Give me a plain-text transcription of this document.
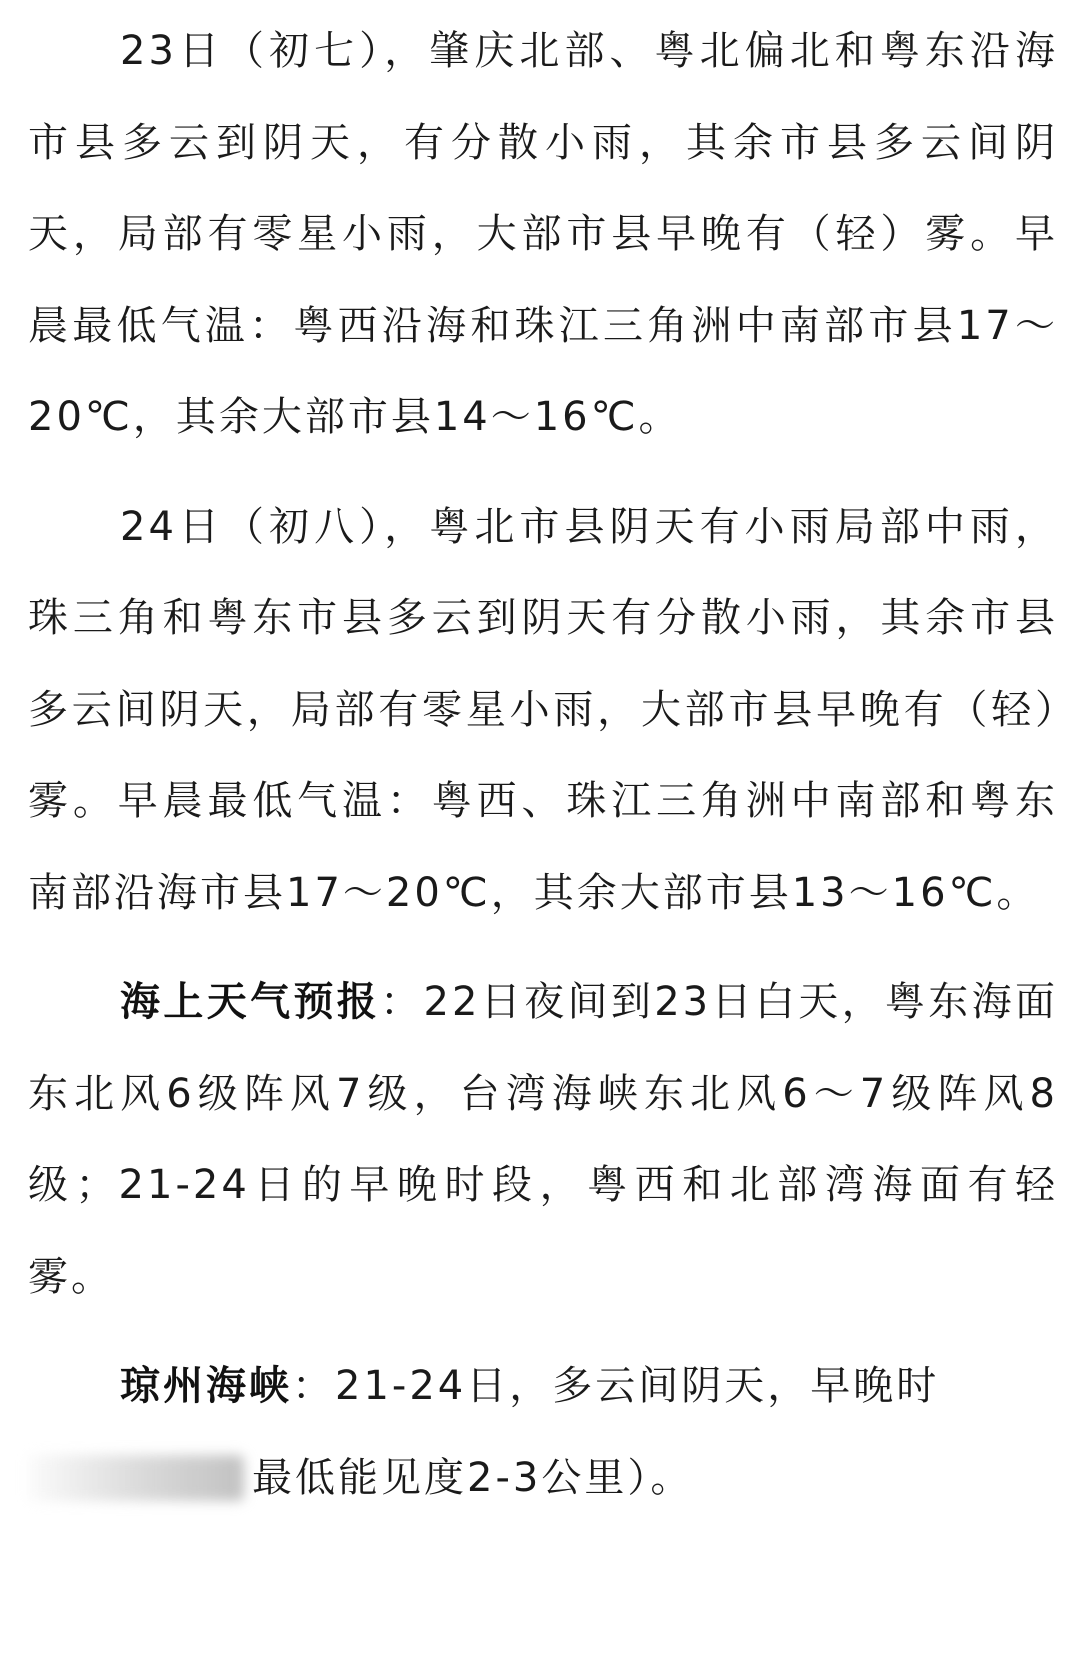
23日（初七），肇庆北部、粤北偏北和粤东沿海市县多云到阴天，有分散小雨，其余市县多云间阴天，局部有零星小雨，大部市县早晚有（轻）雾。早晨最低气温：粤西沿海和珠江三角洲中南部市县17～20℃，其余大部市县14～16℃。

24日（初八），粤北市县阴天有小雨局部中雨，珠三角和粤东市县多云到阴天有分散小雨，其余市县多云间阴天，局部有零星小雨，大部市县早晚有（轻）雾。早晨最低气温：粤西、珠江三角洲中南部和粤东南部沿海市县17～20℃，其余大部市县13～16℃。

海上天气预报：22日夜间到23日白天，粤东海面东北风6级阵风7级，台湾海峡东北风6～7级阵风8级；21-24日的早晚时段，粤西和北部湾海面有轻雾。

琼州海峡：21-24日，多云间阴天，早晚时

最低能见度2-3公里）。
